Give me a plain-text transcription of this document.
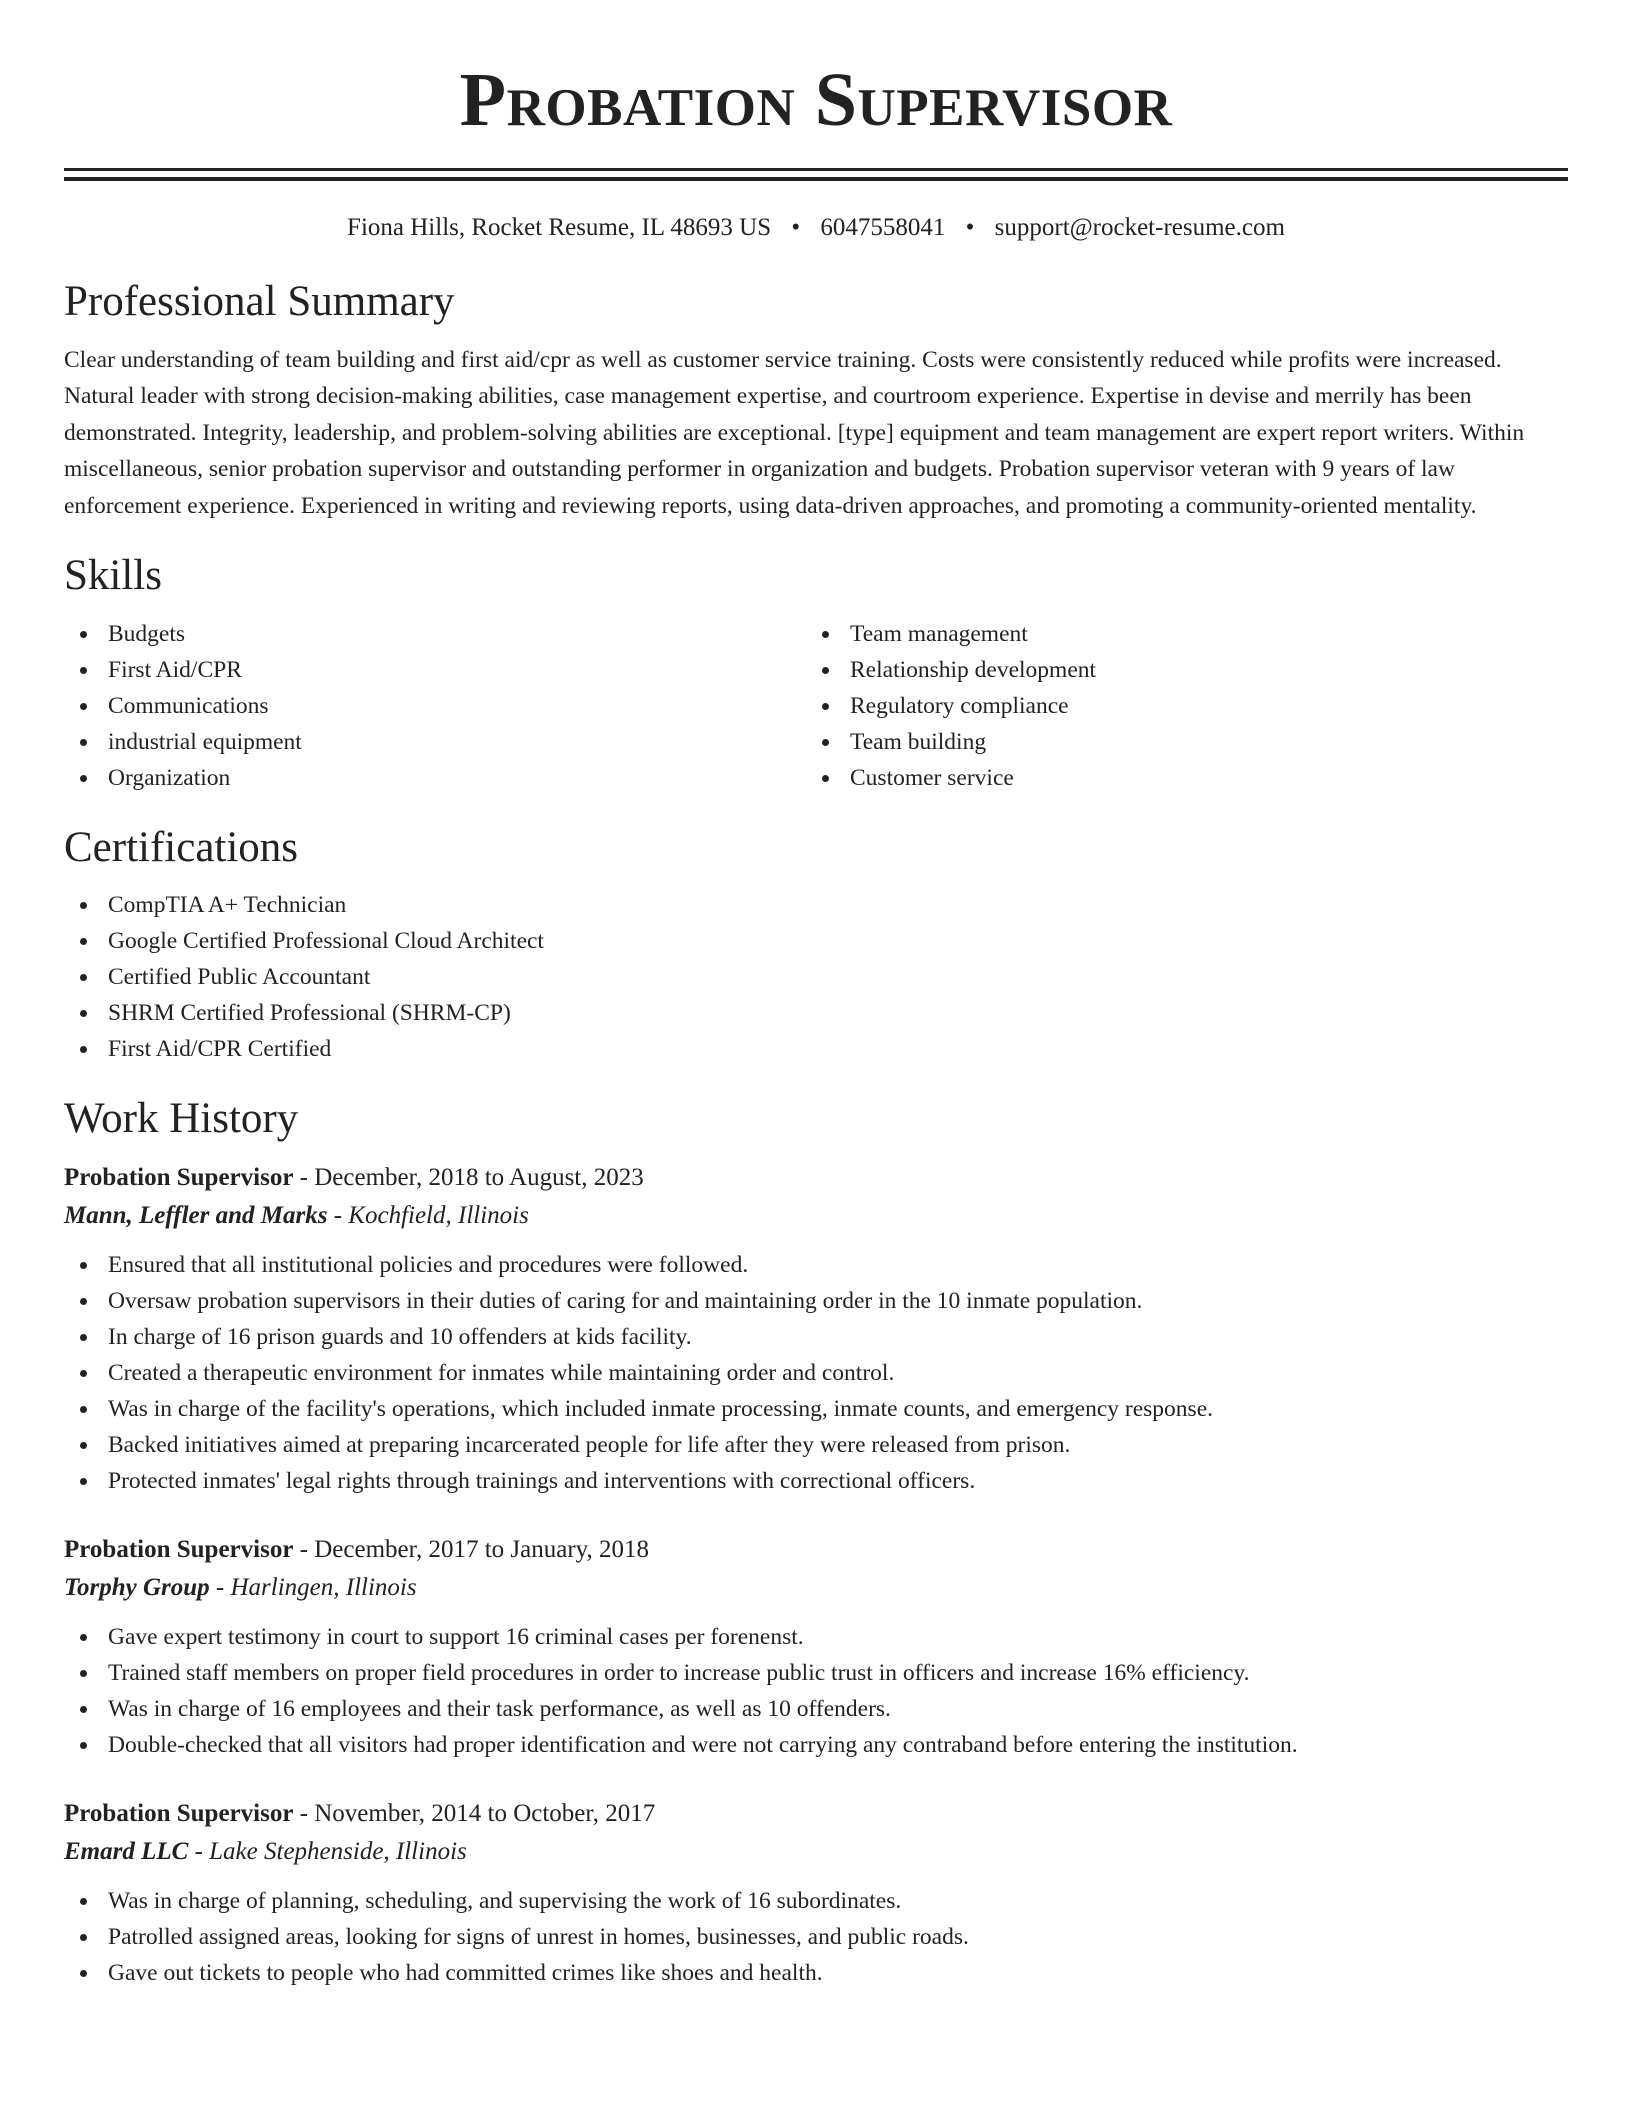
Probation Supervisor
Fiona Hills, Rocket Resume, IL 48693 US • 6047558041 • support@rocket-resume.com
Professional Summary

Clear understanding of team building and first aid/cpr as well as customer service training. Costs were consistently reduced while profits were increased. Natural leader with strong decision-making abilities, case management expertise, and courtroom experience. Expertise in devise and merrily has been demonstrated. Integrity, leadership, and problem-solving abilities are exceptional. [type] equipment and team management are expert report writers. Within miscellaneous, senior probation supervisor and outstanding performer in organization and budgets. Probation supervisor veteran with 9 years of law enforcement experience. Experienced in writing and reviewing reports, using data-driven approaches, and promoting a community-oriented mentality.

Skills
Budgets
First Aid/CPR
Communications
industrial equipment
Organization
Team management
Relationship development
Regulatory compliance
Team building
Customer service
Certifications
CompTIA A+ Technician
Google Certified Professional Cloud Architect
Certified Public Accountant
SHRM Certified Professional (SHRM-CP)
First Aid/CPR Certified
Work History
Probation Supervisor - December, 2018 to August, 2023
Mann, Leffler and Marks - Kochfield, Illinois
Ensured that all institutional policies and procedures were followed.
Oversaw probation supervisors in their duties of caring for and maintaining order in the 10 inmate population.
In charge of 16 prison guards and 10 offenders at kids facility.
Created a therapeutic environment for inmates while maintaining order and control.
Was in charge of the facility's operations, which included inmate processing, inmate counts, and emergency response.
Backed initiatives aimed at preparing incarcerated people for life after they were released from prison.
Protected inmates' legal rights through trainings and interventions with correctional officers.
Probation Supervisor - December, 2017 to January, 2018
Torphy Group - Harlingen, Illinois
Gave expert testimony in court to support 16 criminal cases per forenenst.
Trained staff members on proper field procedures in order to increase public trust in officers and increase 16% efficiency.
Was in charge of 16 employees and their task performance, as well as 10 offenders.
Double-checked that all visitors had proper identification and were not carrying any contraband before entering the institution.
Probation Supervisor - November, 2014 to October, 2017
Emard LLC - Lake Stephenside, Illinois
Was in charge of planning, scheduling, and supervising the work of 16 subordinates.
Patrolled assigned areas, looking for signs of unrest in homes, businesses, and public roads.
Gave out tickets to people who had committed crimes like shoes and health.
